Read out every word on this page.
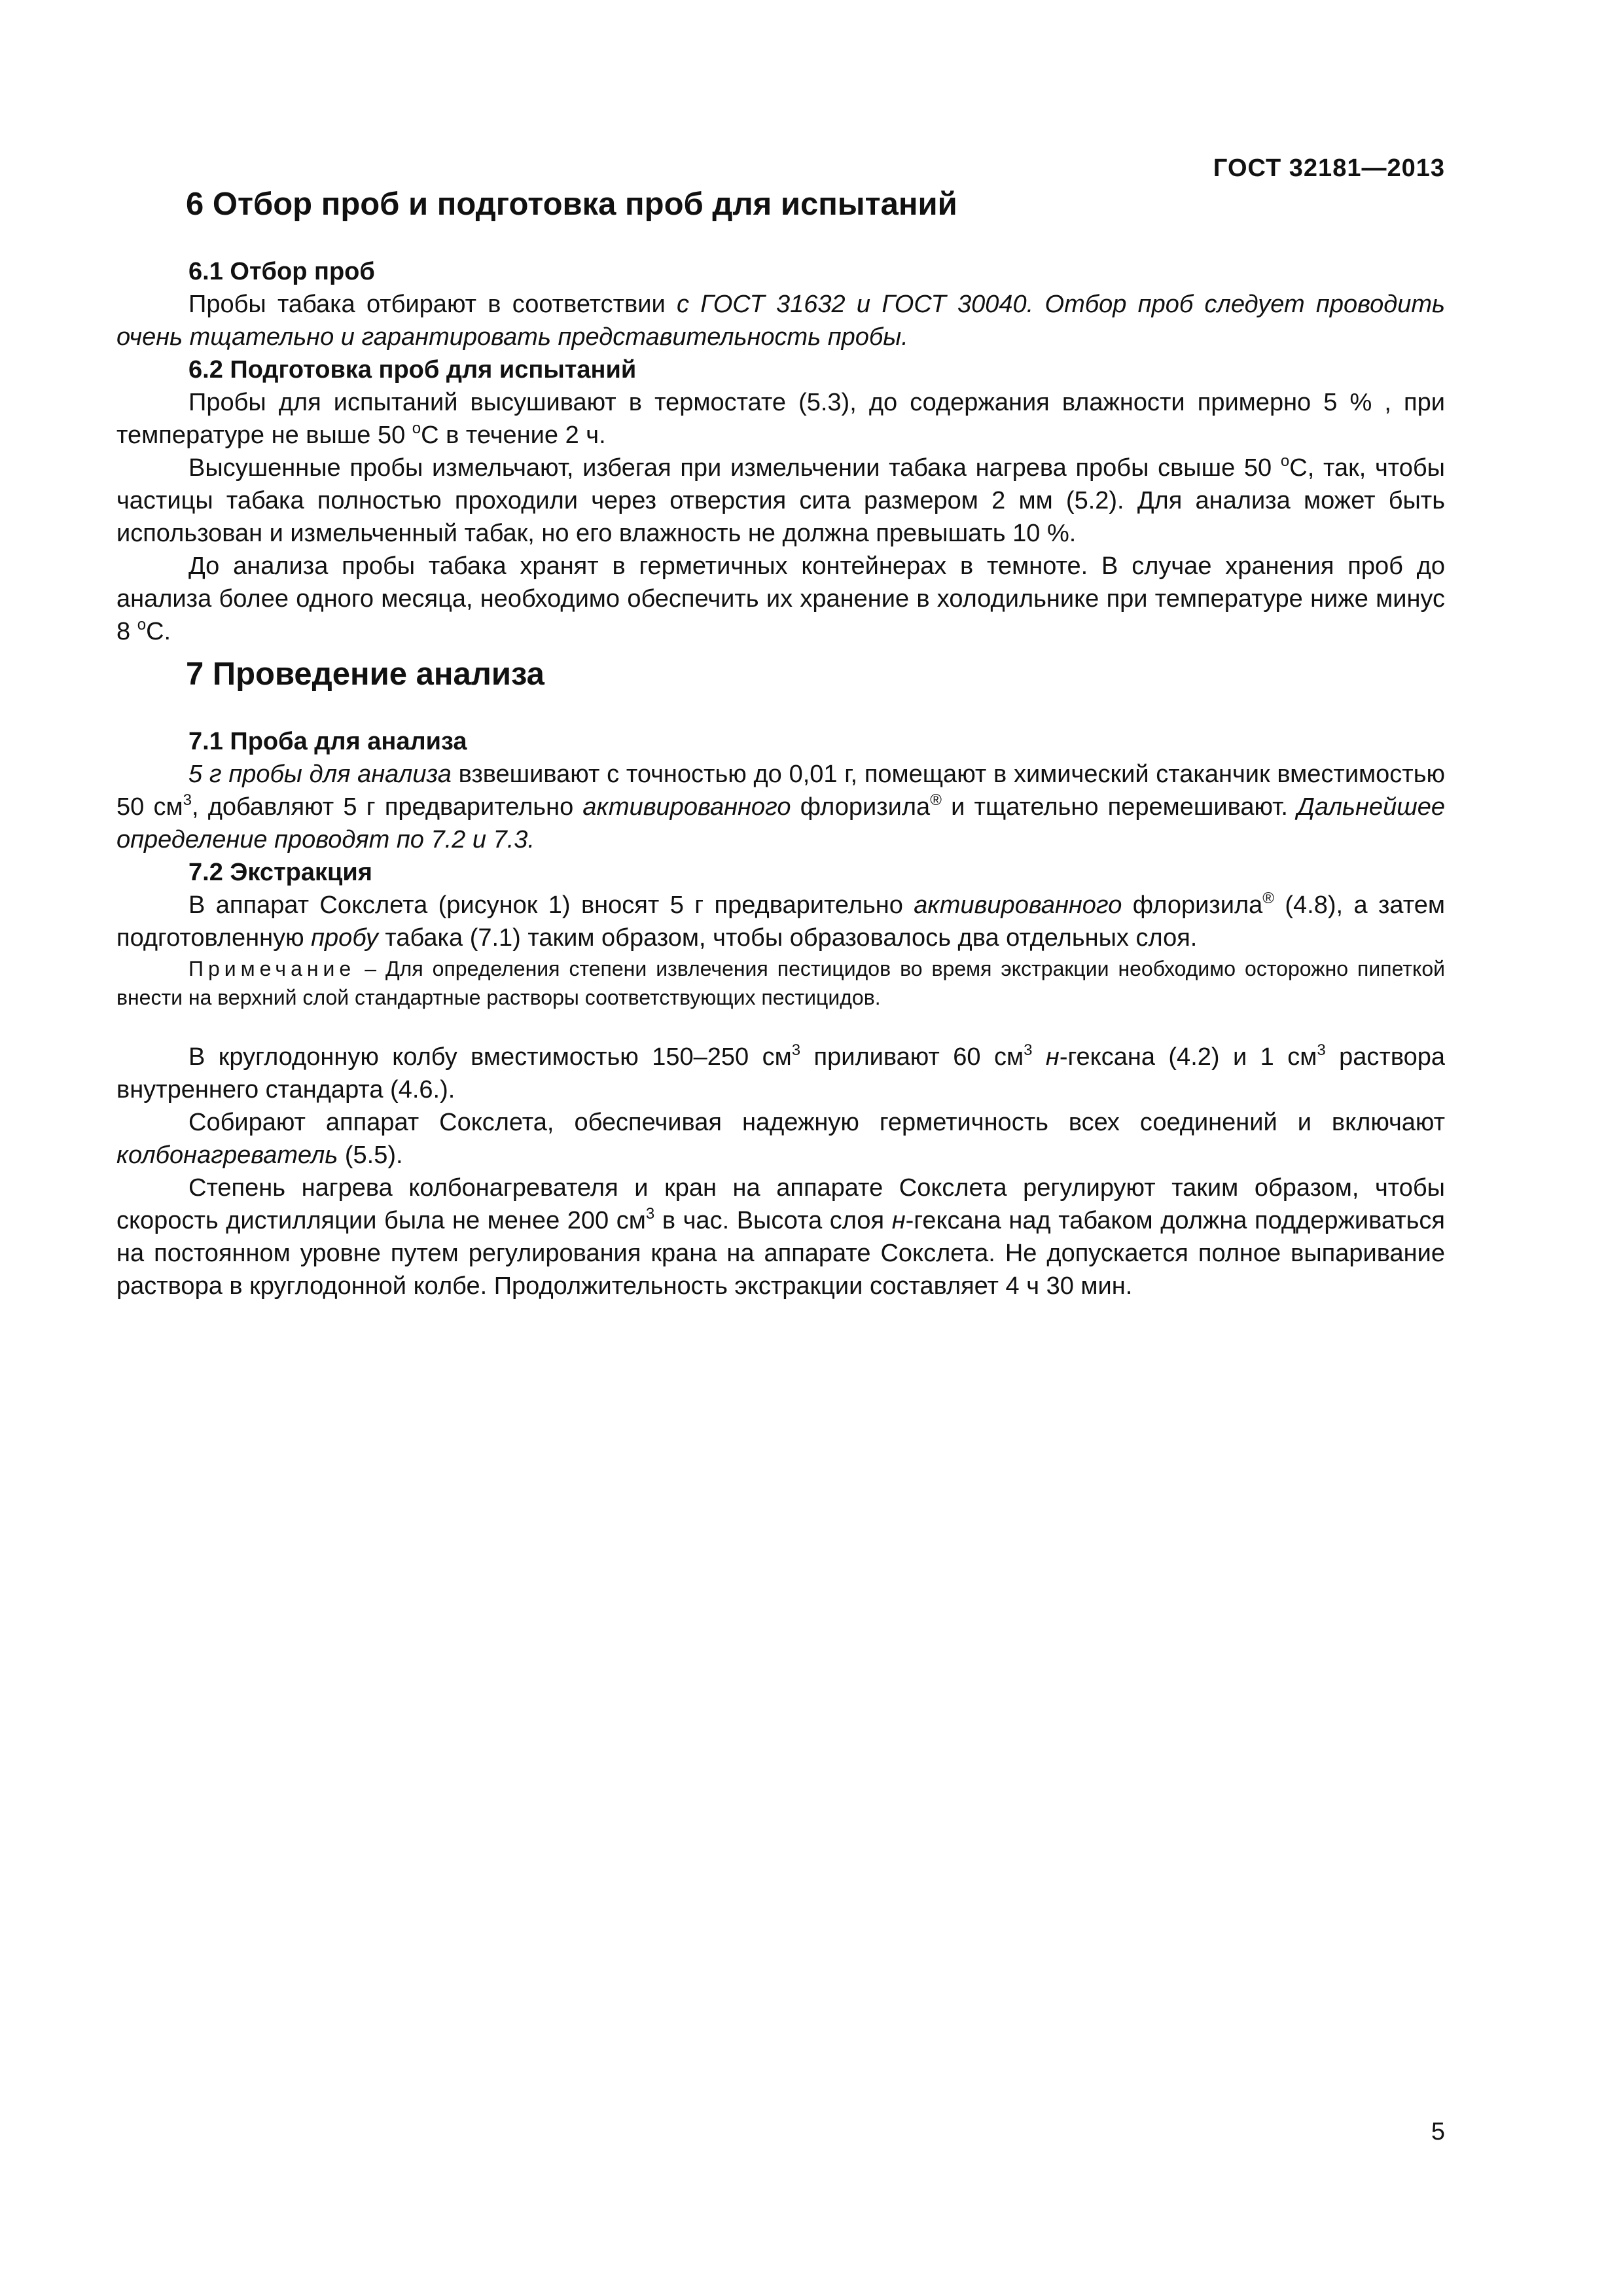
ГОСТ 32181—2013
6 Отбор проб и подготовка проб для испытаний

6.1 Отбор проб

Пробы табака отбирают в соответствии с ГОСТ 31632 и ГОСТ 30040. Отбор проб следует проводить очень тщательно и гарантировать представительность пробы.

6.2 Подготовка проб для испытаний

Пробы для испытаний высушивают в термостате (5.3), до содержания влажности примерно 5 % , при температуре не выше 50 $^о$С в течение 2 ч.

Высушенные пробы измельчают, избегая при измельчении табака нагрева пробы свыше 50 $^о$С, так, чтобы частицы табака полностью проходили через отверстия сита размером 2 мм (5.2). Для анализа может быть использован и измельченный табак, но его влажность не должна превышать 10 %.

До анализа пробы табака хранят в герметичных контейнерах в темноте. В случае хранения проб до анализа более одного месяца, необходимо обеспечить их хранение в холодильнике при температуре ниже минус 8 $^о$С.

7 Проведение анализа

7.1 Проба для анализа

5 г пробы для анализа взвешивают с точностью до 0,01 г, помещают в химический стаканчик вместимостью 50 $см^3$, добавляют 5 г предварительно активированного флоризила® и тщательно перемешивают. Дальнейшее определение проводят по 7.2 и 7.3.

7.2 Экстракция

В аппарат Сокслета (рисунок 1) вносят 5 г предварительно активированного флоризила® (4.8), а затем подготовленную пробу табака (7.1) таким образом, чтобы образовалось два отдельных слоя.

Примечание – Для определения степени извлечения пестицидов во время экстракции необходимо осторожно пипеткой внести на верхний слой стандартные растворы соответствующих пестицидов.

В круглодонную колбу вместимостью 150–250 $см^3$ приливают 60 $см^3$ н-гексана (4.2) и 1 $см^3$ раствора внутреннего стандарта (4.6.).

Собирают аппарат Сокслета, обеспечивая надежную герметичность всех соединений и включают колбонагреватель (5.5).

Степень нагрева колбонагревателя и кран на аппарате Сокслета регулируют таким образом, чтобы скорость дистилляции была не менее 200 $см^3$ в час. Высота слоя н-гексана над табаком должна поддерживаться на постоянном уровне путем регулирования крана на аппарате Сокслета. Не допускается полное выпаривание раствора в круглодонной колбе. Продолжительность экстракции составляет 4 ч 30 мин.

5
